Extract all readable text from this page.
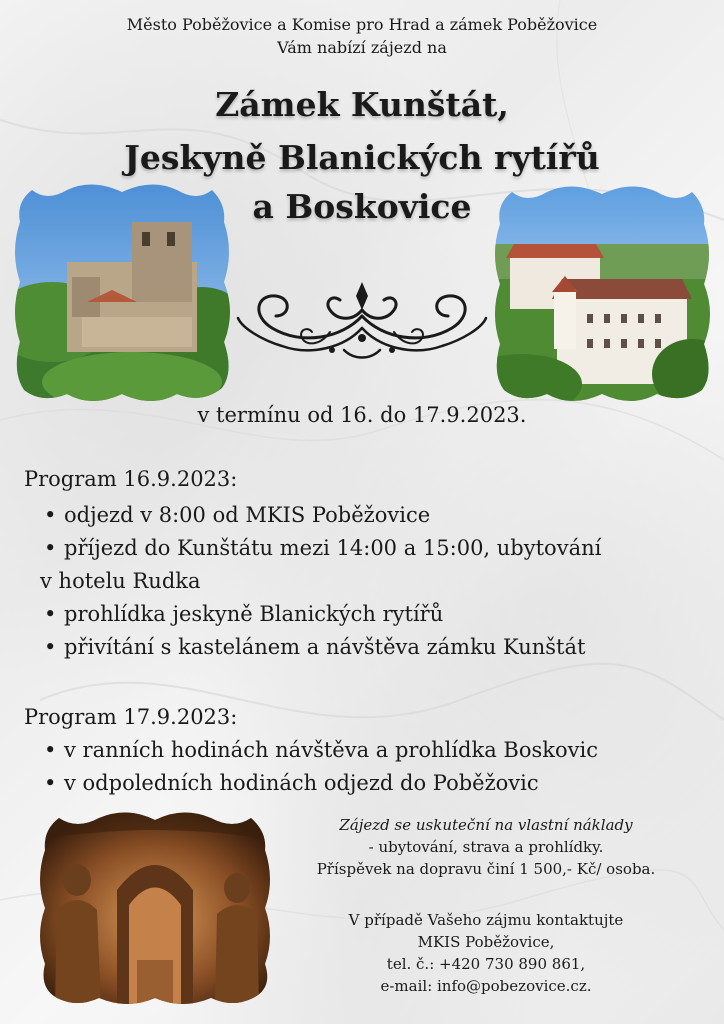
Město Poběžovice a Komise pro Hrad a zámek Poběžovice
Vám nabízí zájezd na
Zámek Kunštát,
Jeskyně Blanických rytířů
a Boskovice
v termínu od 16. do 17.9.2023.
Program 16.9.2023:
• odjezd v 8:00 od MKIS Poběžovice
• příjezd do Kunštátu mezi 14:00 a 15:00, ubytování
v hotelu Rudka
• prohlídka jeskyně Blanických rytířů
• přivítání s kastelánem a návštěva zámku Kunštát
Program 17.9.2023:
• v ranních hodinách návštěva a prohlídka Boskovic
• v odpoledních hodinách odjezd do Poběžovic
Zájezd se uskuteční na vlastní náklady
- ubytování, strava a prohlídky.
Příspěvek na dopravu činí 1 500,- Kč/ osoba.
V případě Vašeho zájmu kontaktujte
MKIS Poběžovice,
tel. č.: +420 730 890 861,
e-mail: info@pobezovice.cz.
